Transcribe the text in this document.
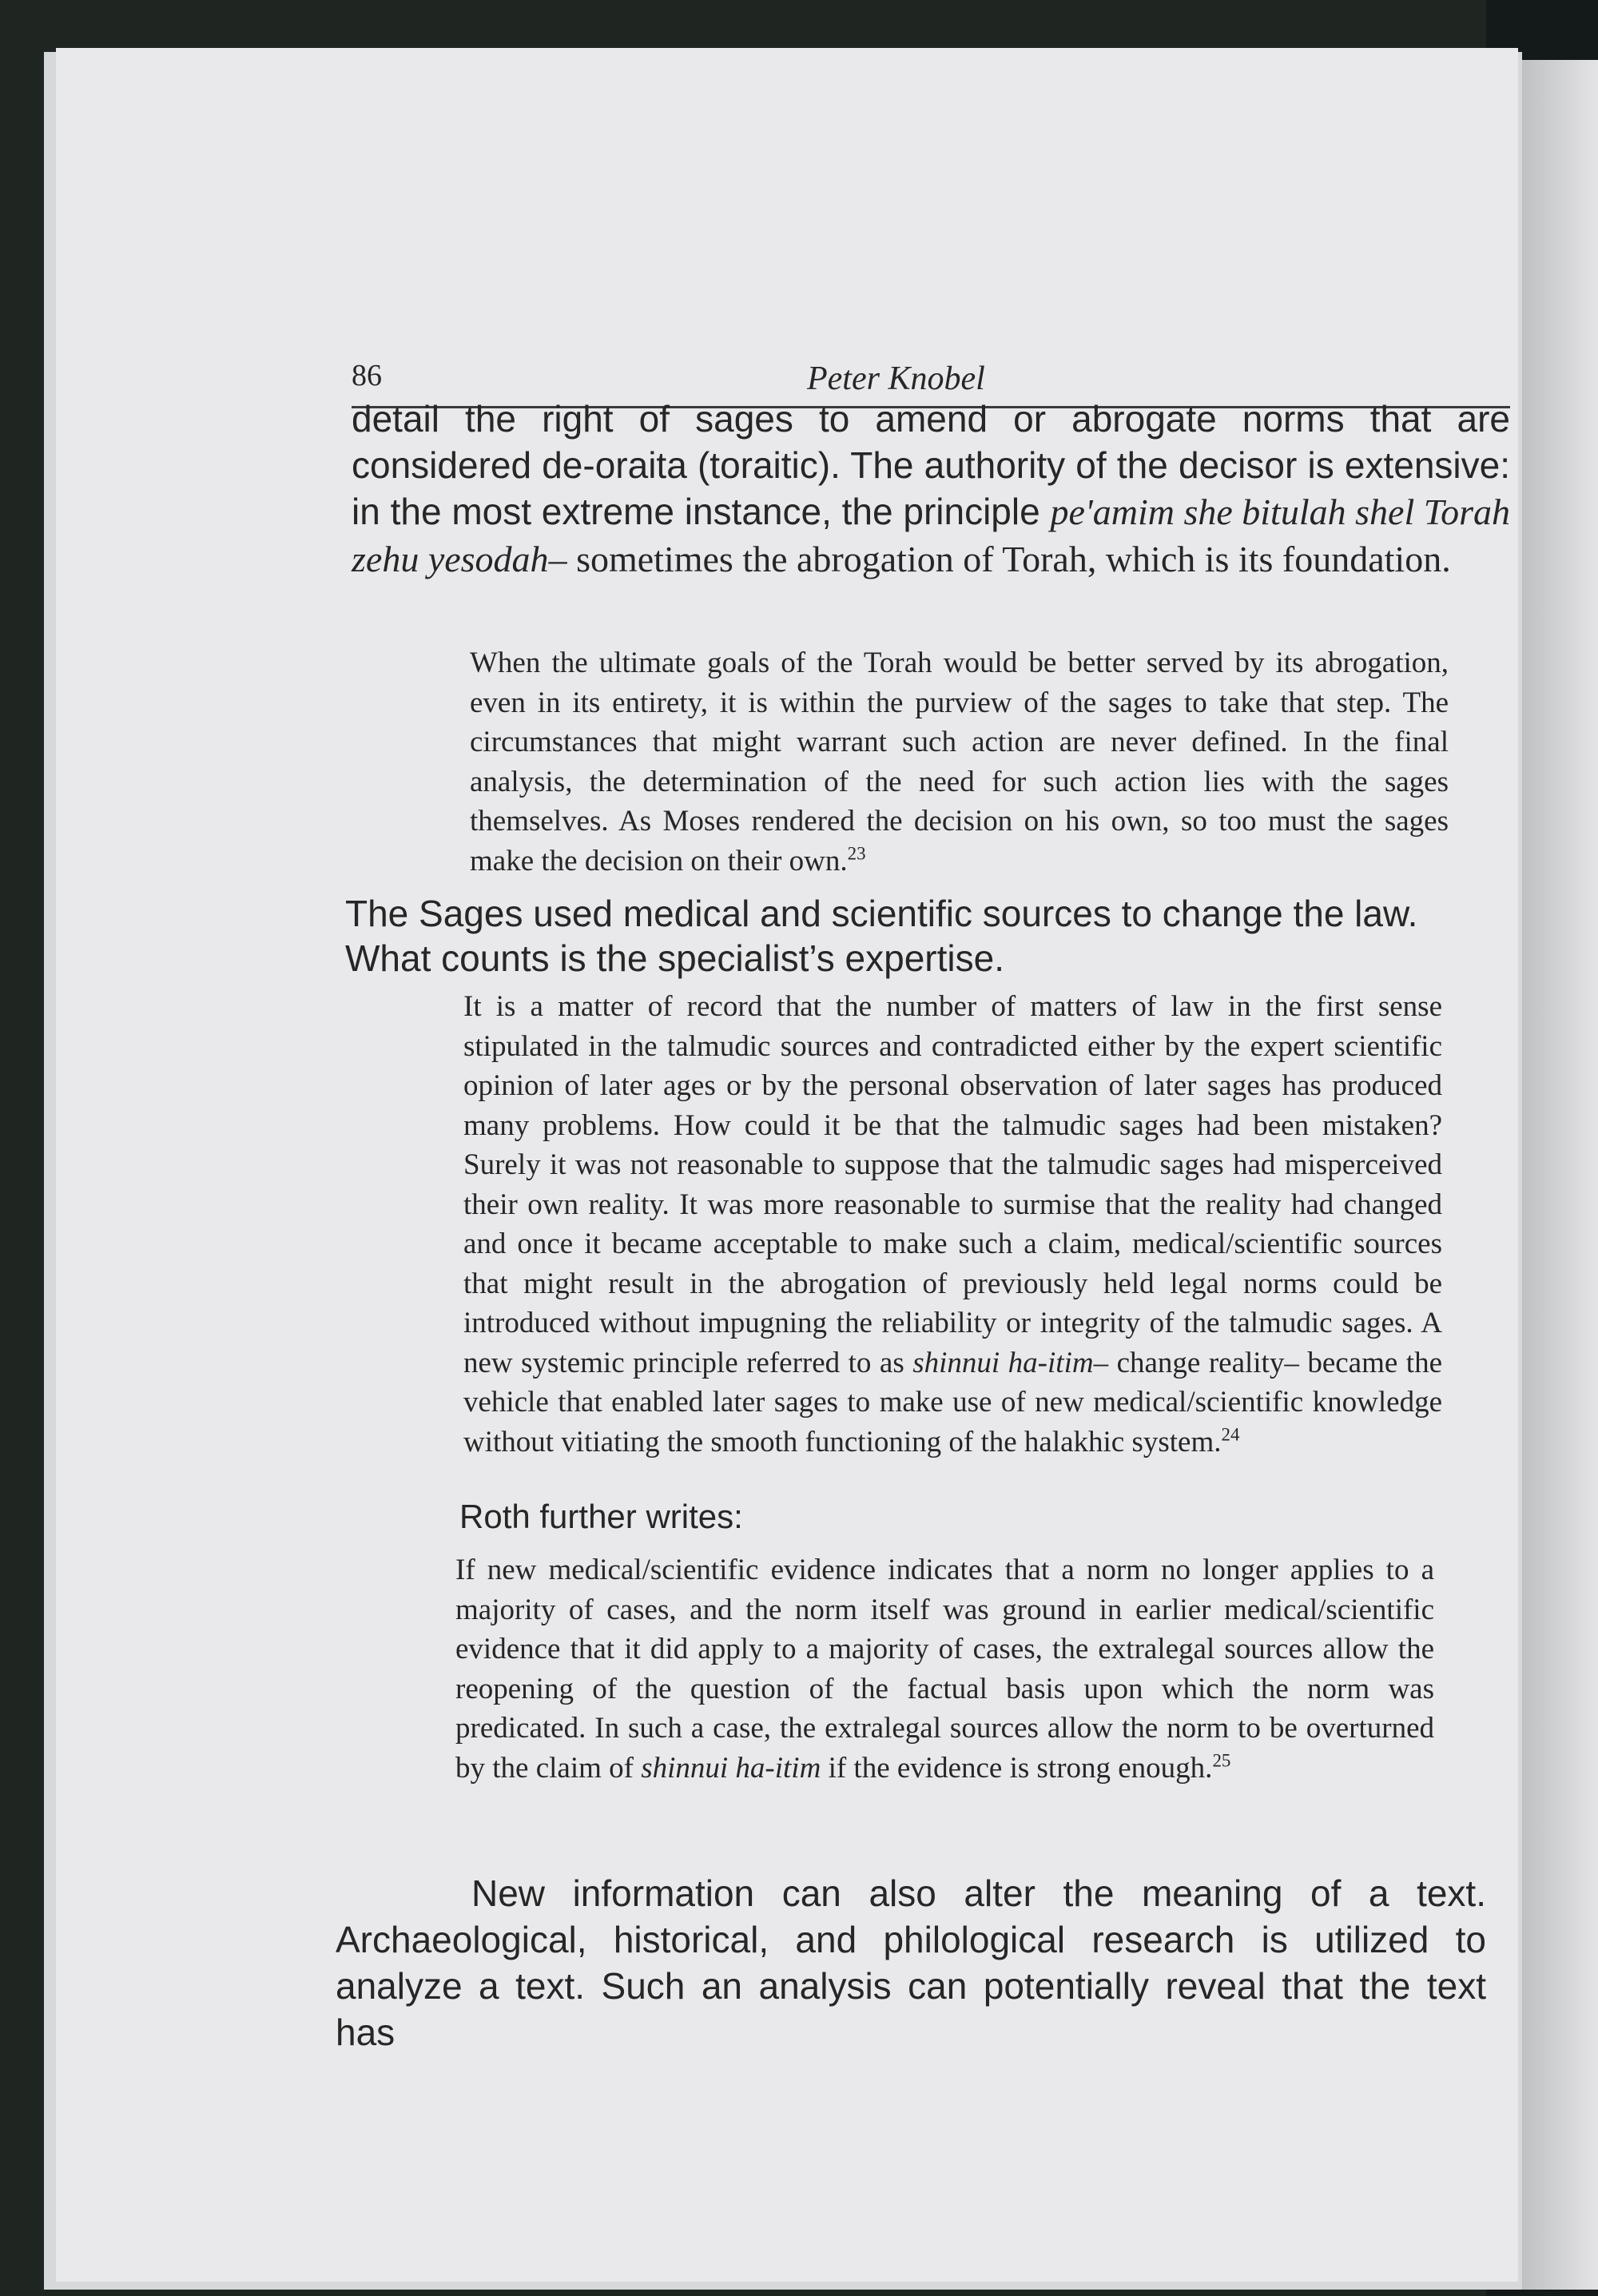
86	Peter Knobel
detail the right of sages to amend or abrogate norms that are considered de-oraita (toraitic). The authority of the decisor is extensive: in the most extreme instance, the principle pe'amim she bitulah shel Torah zehu yesodah– sometimes the abrogation of Torah, which is its foundation.
When the ultimate goals of the Torah would be better served by its abrogation, even in its entirety, it is within the purview of the sages to take that step. The circumstances that might warrant such action are never defined. In the final analysis, the determination of the need for such action lies with the sages themselves. As Moses rendered the decision on his own, so too must the sages make the decision on their own.$^{23}$
The Sages used medical and scientific sources to change the law. What counts is the specialist’s expertise.
It is a matter of record that the number of matters of law in the first sense stipulated in the talmudic sources and contradicted either by the expert scientific opinion of later ages or by the personal observation of later sages has produced many problems. How could it be that the talmudic sages had been mistaken? Surely it was not reasonable to suppose that the talmudic sages had misperceived their own reality. It was more reasonable to surmise that the reality had changed and once it became acceptable to make such a claim, medical/scientific sources that might result in the abrogation of previously held legal norms could be introduced without impugning the reliability or integrity of the talmudic sages. A new systemic principle referred to as shinnui ha-itim– change reality– became the vehicle that enabled later sages to make use of new medical/scientific knowledge without vitiating the smooth functioning of the halakhic system.$^{24}$
Roth further writes:
If new medical/scientific evidence indicates that a norm no longer applies to a majority of cases, and the norm itself was ground in earlier medical/scientific evidence that it did apply to a majority of cases, the extralegal sources allow the reopening of the question of the factual basis upon which the norm was predicated. In such a case, the extralegal sources allow the norm to be overturned by the claim of shinnui ha-itim if the evidence is strong enough.$^{25}$
New information can also alter the meaning of a text. Archaeological, historical, and philological research is utilized to analyze a text. Such an analysis can potentially reveal that the text has
